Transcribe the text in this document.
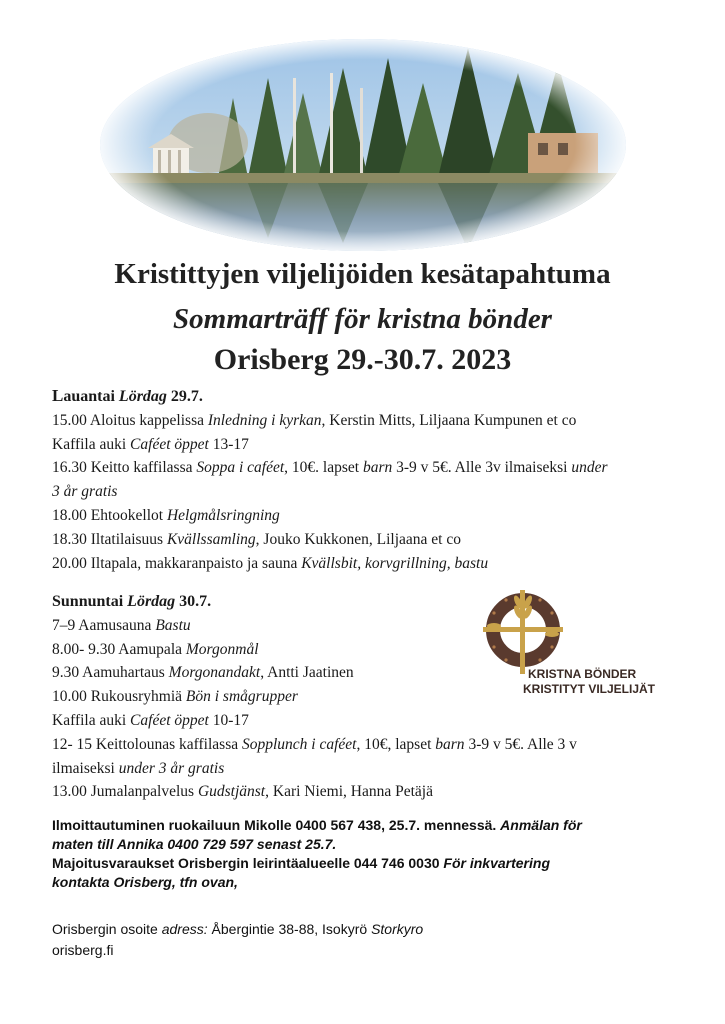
Kristittyjen viljelijöiden kesätapahtuma
Sommarträff för kristna bönder
Orisberg 29.-30.7. 2023
Lauantai Lördag 29.7.
15.00 Aloitus kappelissa Inledning i kyrkan, Kerstin Mitts, Liljaana Kumpunen et co
Kaffila auki Caféet öppet 13-17
16.30 Keitto kaffilassa Soppa i caféet, 10€. lapset barn 3-9 v 5€. Alle 3v ilmaiseksi under
3 år gratis
18.00 Ehtookellot Helgmålsringning
18.30 Iltatilaisuus Kvällssamling, Jouko Kukkonen, Liljaana et co
20.00 Iltapala, makkaranpaisto ja sauna Kvällsbit, korvgrillning, bastu
Sunnuntai Lördag 30.7.
7–9 Aamusauna Bastu
8.00- 9.30 Aamupala Morgonmål
9.30 Aamuhartaus Morgonandakt, Antti Jaatinen
10.00 Rukousryhmiä Bön i smågrupper
Kaffila auki Caféet öppet 10-17
12- 15 Keittolounas kaffilassa Sopplunch i caféet, 10€, lapset barn 3-9 v 5€. Alle 3 v
ilmaiseksi under 3 år gratis
13.00 Jumalanpalvelus Gudstjänst, Kari Niemi, Hanna Petäjä
KRISTNA BÖNDER
KRISTITYT VILJELIJÄT
Ilmoittautuminen ruokailuun Mikolle 0400 567 438, 25.7. mennessä. Anmälan för
maten till Annika 0400 729 597 senast 25.7.
Majoitusvaraukset Orisbergin leirintäalueelle 044 746 0030 För inkvartering
kontakta Orisberg, tfn ovan,
Orisbergin osoite adress: Åbergintie 38-88, Isokyrö Storkyro
orisberg.fi
